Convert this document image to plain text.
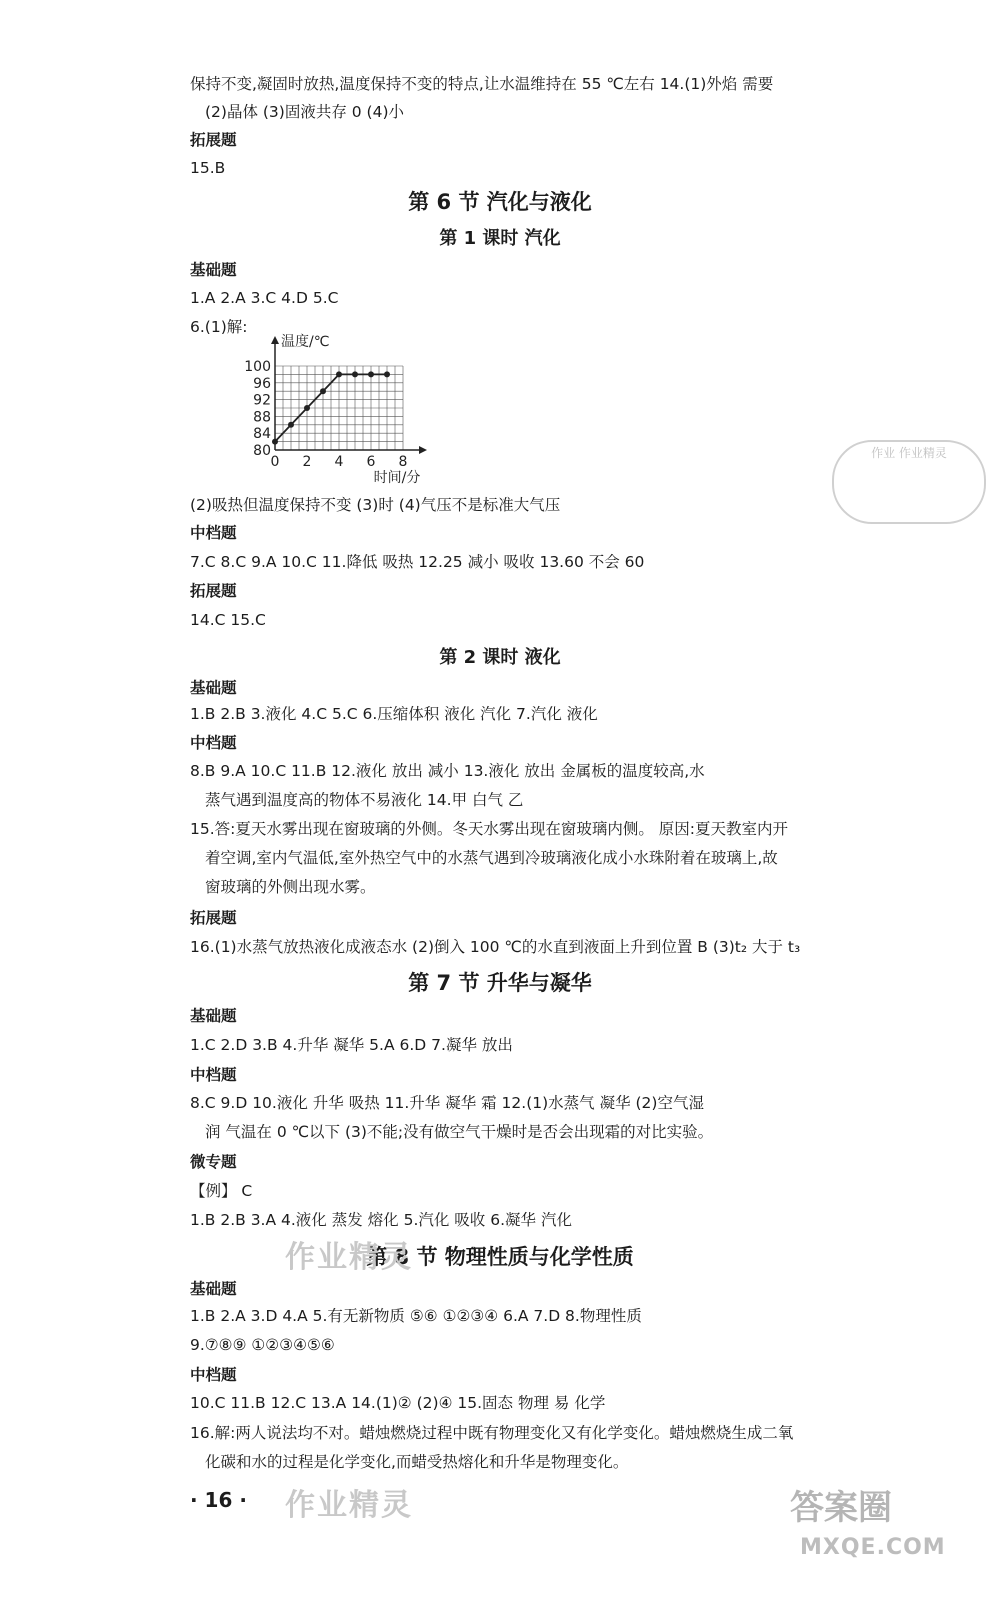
保持不变,凝固时放热,温度保持不变的特点,让水温维持在 55 ℃左右 14.(1)外焰 需要
(2)晶体 (3)固液共存 0 (4)小
拓展题
15.B
第 6 节 汽化与液化
第 1 课时 汽化
基础题
1.A 2.A 3.C 4.D 5.C
6.(1)解:
0 2 4 6 8
80
84
88
92
96
100
温度/℃
时间/分
(2)吸热但温度保持不变 (3)时 (4)气压不是标准大气压
中档题
7.C 8.C 9.A 10.C 11.降低 吸热 12.25 减小 吸收 13.60 不会 60
拓展题
14.C 15.C
第 2 课时 液化
基础题
1.B 2.B 3.液化 4.C 5.C 6.压缩体积 液化 汽化 7.汽化 液化
中档题
8.B 9.A 10.C 11.B 12.液化 放出 减小 13.液化 放出 金属板的温度较高,水
蒸气遇到温度高的物体不易液化 14.甲 白气 乙
15.答:夏天水雾出现在窗玻璃的外侧。冬天水雾出现在窗玻璃内侧。 原因:夏天教室内开
着空调,室内气温低,室外热空气中的水蒸气遇到冷玻璃液化成小水珠附着在玻璃上,故
窗玻璃的外侧出现水雾。
拓展题
16.(1)水蒸气放热液化成液态水 (2)倒入 100 ℃的水直到液面上升到位置 B (3)t₂ 大于 t₃
第 7 节 升华与凝华
基础题
1.C 2.D 3.B 4.升华 凝华 5.A 6.D 7.凝华 放出
中档题
8.C 9.D 10.液化 升华 吸热 11.升华 凝华 霜 12.(1)水蒸气 凝华 (2)空气湿
润 气温在 0 ℃以下 (3)不能;没有做空气干燥时是否会出现霜的对比实验。
微专题
【例】 C
1.B 2.B 3.A 4.液化 蒸发 熔化 5.汽化 吸收 6.凝华 汽化
第 8 节 物理性质与化学性质
基础题
1.B 2.A 3.D 4.A 5.有无新物质 ⑤⑥ ①②③④ 6.A 7.D 8.物理性质
9.⑦⑧⑨ ①②③④⑤⑥
中档题
10.C 11.B 12.C 13.A 14.(1)② (2)④ 15.固态 物理 易 化学
16.解:两人说法均不对。蜡烛燃烧过程中既有物理变化又有化学变化。蜡烛燃烧生成二氧
化碳和水的过程是化学变化,而蜡受热熔化和升华是物理变化。
· 16 ·
作业精灵
作业精灵
作业 作业精灵
答案圈
MXQE.COM
